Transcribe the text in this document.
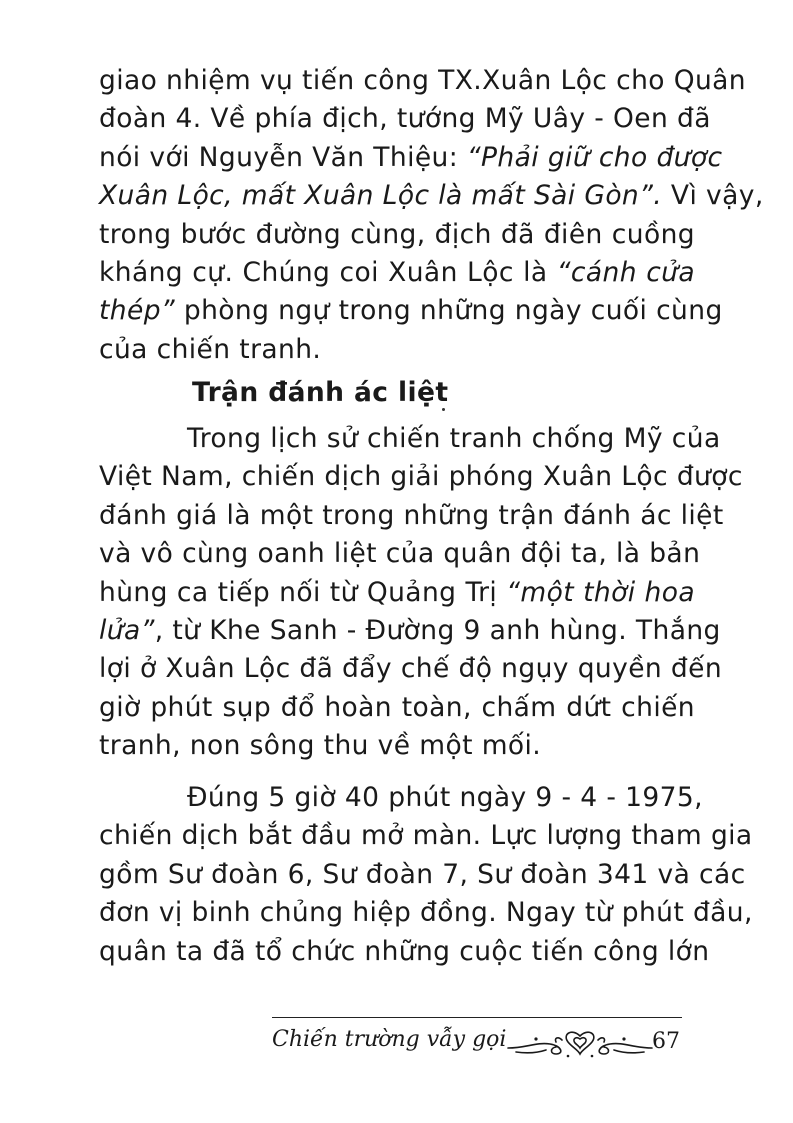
giao nhiệm vụ tiến công TX.Xuân Lộc cho Quân
đoàn 4. Về phía địch, tướng Mỹ Uây - Oen đã
nói với Nguyễn Văn Thiệu: “Phải giữ cho được
Xuân Lộc, mất Xuân Lộc là mất Sài Gòn”. Vì vậy,
trong bước đường cùng, địch đã điên cuồng
kháng cự. Chúng coi Xuân Lộc là “cánh cửa
thép” phòng ngự trong những ngày cuối cùng
của chiến tranh.
Trận đánh ác liệt
Trong lịch sử chiến tranh chống Mỹ của
Việt Nam, chiến dịch giải phóng Xuân Lộc được
đánh giá là một trong những trận đánh ác liệt
và vô cùng oanh liệt của quân đội ta, là bản
hùng ca tiếp nối từ Quảng Trị “một thời hoa
lửa”, từ Khe Sanh - Đường 9 anh hùng. Thắng
lợi ở Xuân Lộc đã đẩy chế độ ngụy quyền đến
giờ phút sụp đổ hoàn toàn, chấm dứt chiến
tranh, non sông thu về một mối.
Đúng 5 giờ 40 phút ngày 9 - 4 - 1975,
chiến dịch bắt đầu mở màn. Lực lượng tham gia
gồm Sư đoàn 6, Sư đoàn 7, Sư đoàn 341 và các
đơn vị binh chủng hiệp đồng. Ngay từ phút đầu,
quân ta đã tổ chức những cuộc tiến công lớn
Chiến trường vẫy gọi	67
